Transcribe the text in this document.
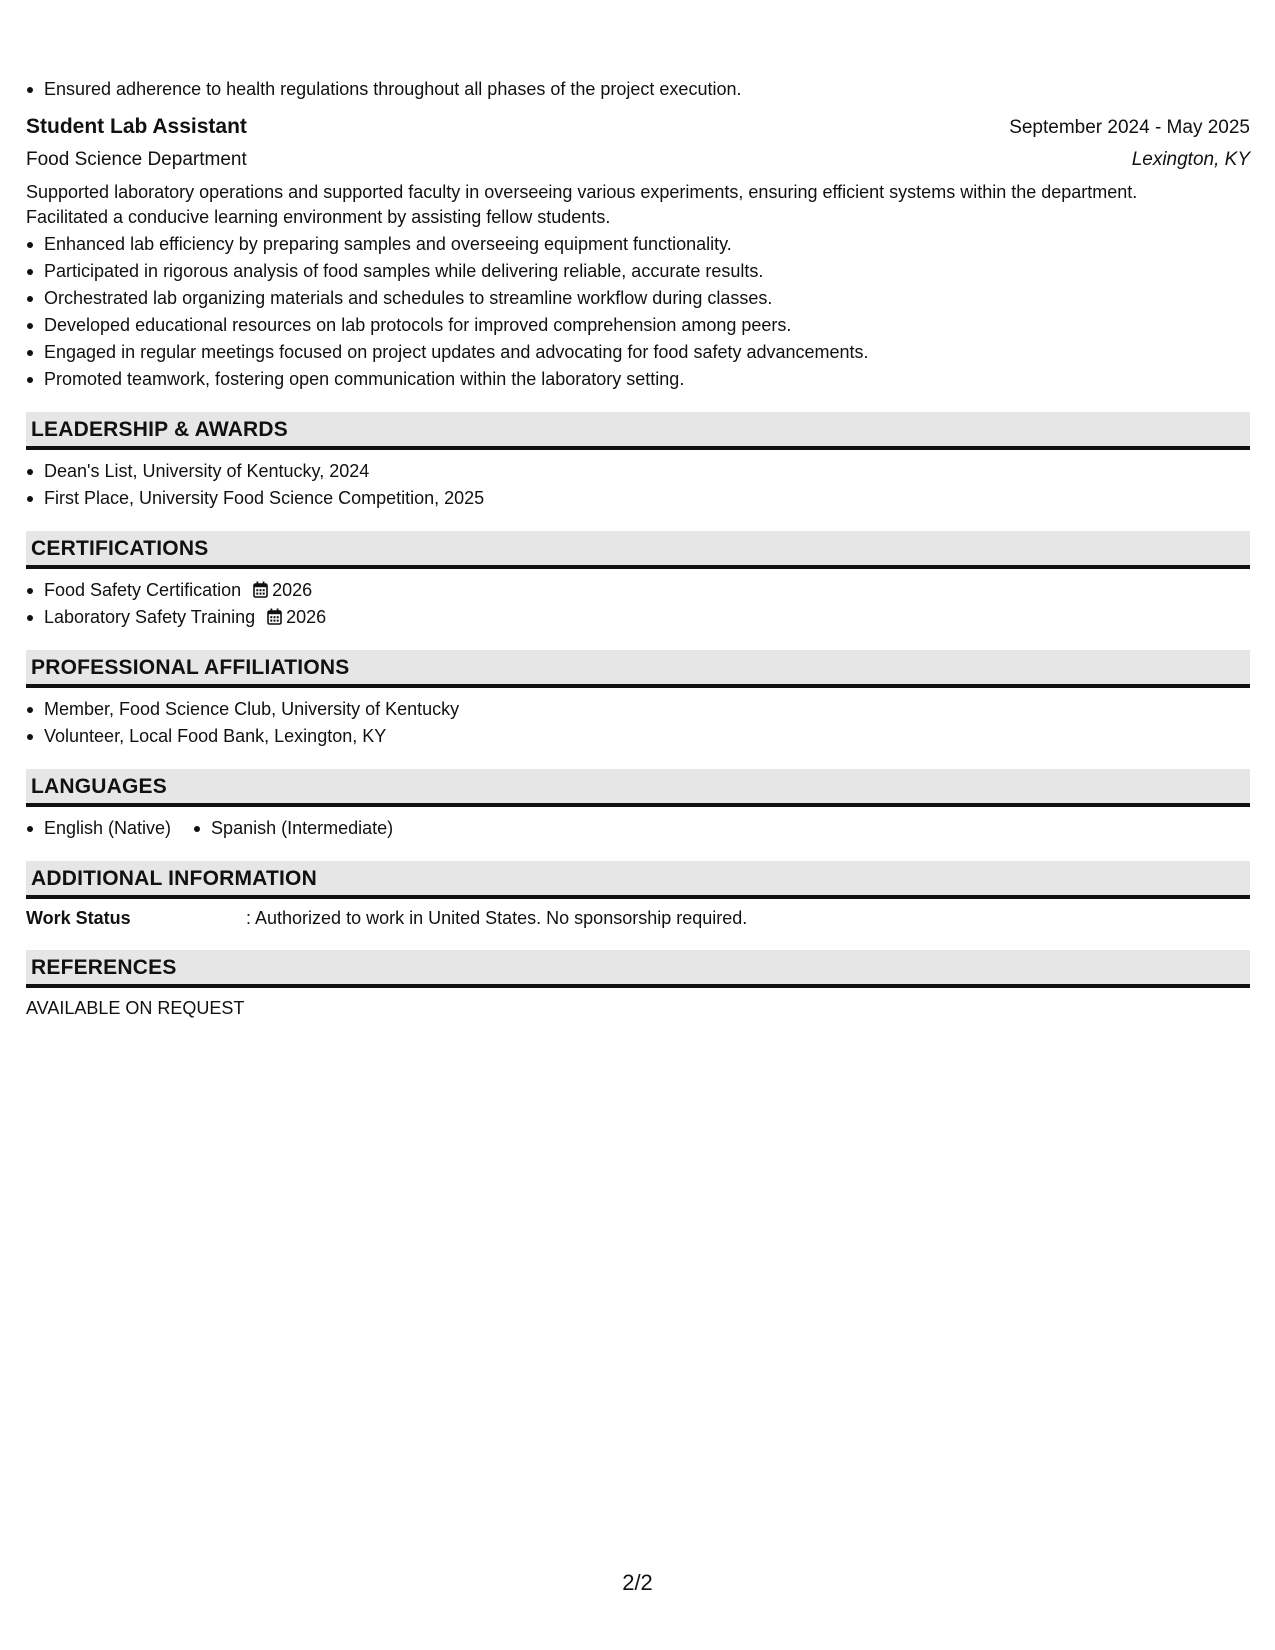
Ensured adherence to health regulations throughout all phases of the project execution.
Student Lab Assistant	September 2024 - May 2025
Food Science Department	Lexington, KY
Supported laboratory operations and supported faculty in overseeing various experiments, ensuring efficient systems within the department.
Facilitated a conducive learning environment by assisting fellow students.
Enhanced lab efficiency by preparing samples and overseeing equipment functionality.
Participated in rigorous analysis of food samples while delivering reliable, accurate results.
Orchestrated lab organizing materials and schedules to streamline workflow during classes.
Developed educational resources on lab protocols for improved comprehension among peers.
Engaged in regular meetings focused on project updates and advocating for food safety advancements.
Promoted teamwork, fostering open communication within the laboratory setting.
LEADERSHIP & AWARDS
Dean's List, University of Kentucky, 2024
First Place, University Food Science Competition, 2025
CERTIFICATIONS
Food Safety Certification 2026
Laboratory Safety Training 2026
PROFESSIONAL AFFILIATIONS
Member, Food Science Club, University of Kentucky
Volunteer, Local Food Bank, Lexington, KY
LANGUAGES
English (Native)	Spanish (Intermediate)
ADDITIONAL INFORMATION
Work Status	: Authorized to work in United States. No sponsorship required.
REFERENCES
AVAILABLE ON REQUEST
2/2
